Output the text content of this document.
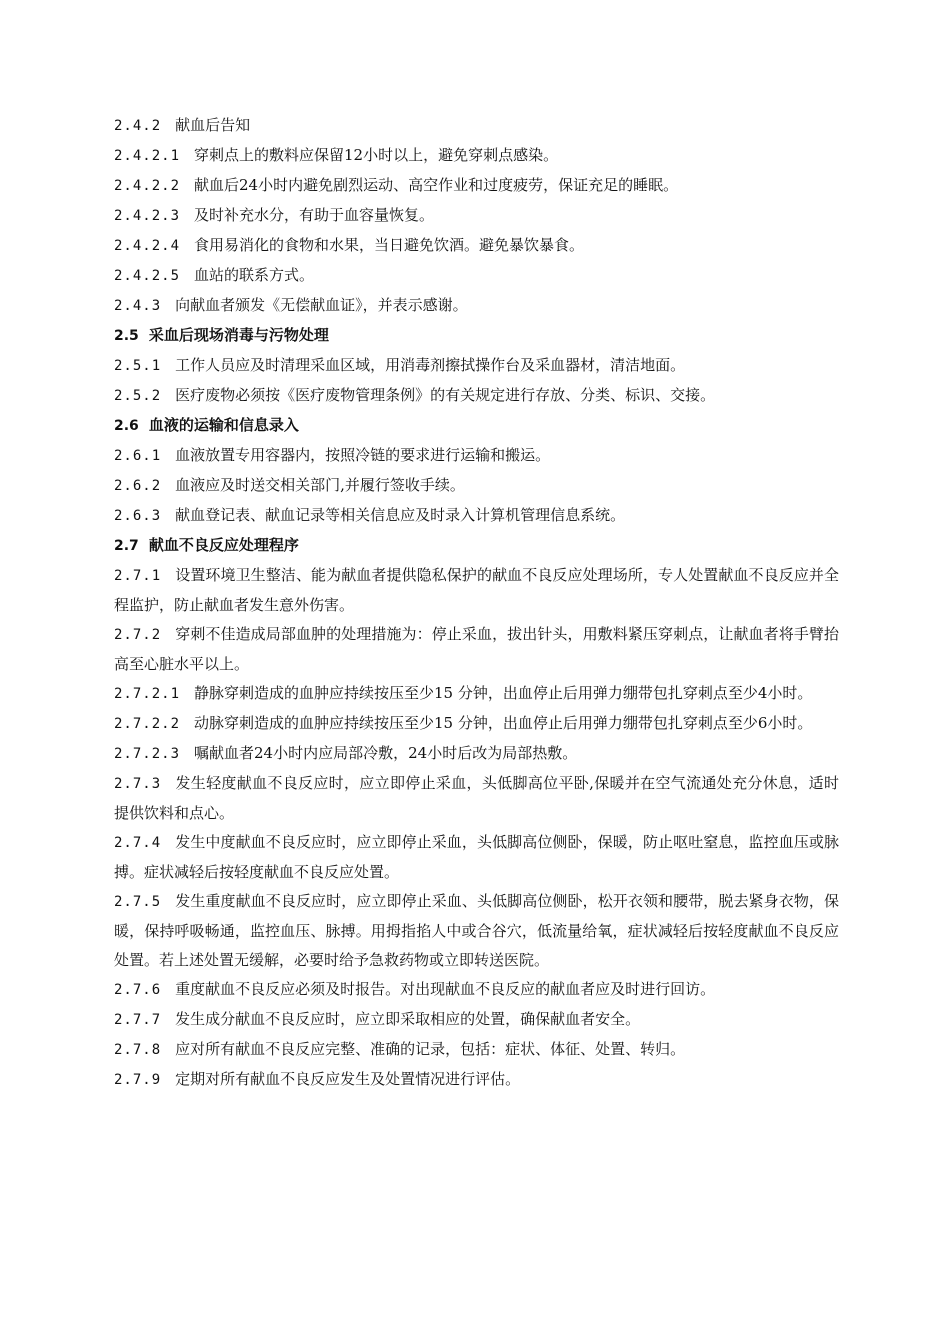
2.4.2 献血后告知

2.4.2.1 穿刺点上的敷料应保留12小时以上，避免穿刺点感染。

2.4.2.2 献血后24小时内避免剧烈运动、高空作业和过度疲劳，保证充足的睡眠。

2.4.2.3 及时补充水分，有助于血容量恢复。

2.4.2.4 食用易消化的食物和水果，当日避免饮酒。避免暴饮暴食。

2.4.2.5 血站的联系方式。

2.4.3 向献血者颁发《无偿献血证》，并表示感谢。

2.5 采血后现场消毒与污物处理

2.5.1 工作人员应及时清理采血区域，用消毒剂擦拭操作台及采血器材，清洁地面。

2.5.2 医疗废物必须按《医疗废物管理条例》的有关规定进行存放、分类、标识、交接。

2.6 血液的运输和信息录入

2.6.1 血液放置专用容器内，按照冷链的要求进行运输和搬运。

2.6.2 血液应及时送交相关部门,并履行签收手续。

2.6.3 献血登记表、献血记录等相关信息应及时录入计算机管理信息系统。

2.7 献血不良反应处理程序

2.7.1 设置环境卫生整洁、能为献血者提供隐私保护的献血不良反应处理场所，专人处置献血不良反应并全程监护，防止献血者发生意外伤害。

2.7.2 穿刺不佳造成局部血肿的处理措施为：停止采血，拔出针头，用敷料紧压穿刺点，让献血者将手臂抬高至心脏水平以上。

2.7.2.1 静脉穿刺造成的血肿应持续按压至少15 分钟，出血停止后用弹力绷带包扎穿刺点至少4小时。

2.7.2.2 动脉穿刺造成的血肿应持续按压至少15 分钟，出血停止后用弹力绷带包扎穿刺点至少6小时。

2.7.2.3 嘱献血者24小时内应局部冷敷，24小时后改为局部热敷。

2.7.3 发生轻度献血不良反应时，应立即停止采血，头低脚高位平卧,保暖并在空气流通处充分休息，适时提供饮料和点心。

2.7.4 发生中度献血不良反应时，应立即停止采血，头低脚高位侧卧，保暖，防止呕吐窒息，监控血压或脉搏。症状减轻后按轻度献血不良反应处置。

2.7.5 发生重度献血不良反应时，应立即停止采血、头低脚高位侧卧，松开衣领和腰带，脱去紧身衣物，保暖，保持呼吸畅通，监控血压、脉搏。用拇指掐人中或合谷穴，低流量给氧，症状减轻后按轻度献血不良反应处置。若上述处置无缓解，必要时给予急救药物或立即转送医院。

2.7.6 重度献血不良反应必须及时报告。对出现献血不良反应的献血者应及时进行回访。

2.7.7 发生成分献血不良反应时，应立即采取相应的处置，确保献血者安全。

2.7.8 应对所有献血不良反应完整、准确的记录，包括：症状、体征、处置、转归。

2.7.9 定期对所有献血不良反应发生及处置情况进行评估。
